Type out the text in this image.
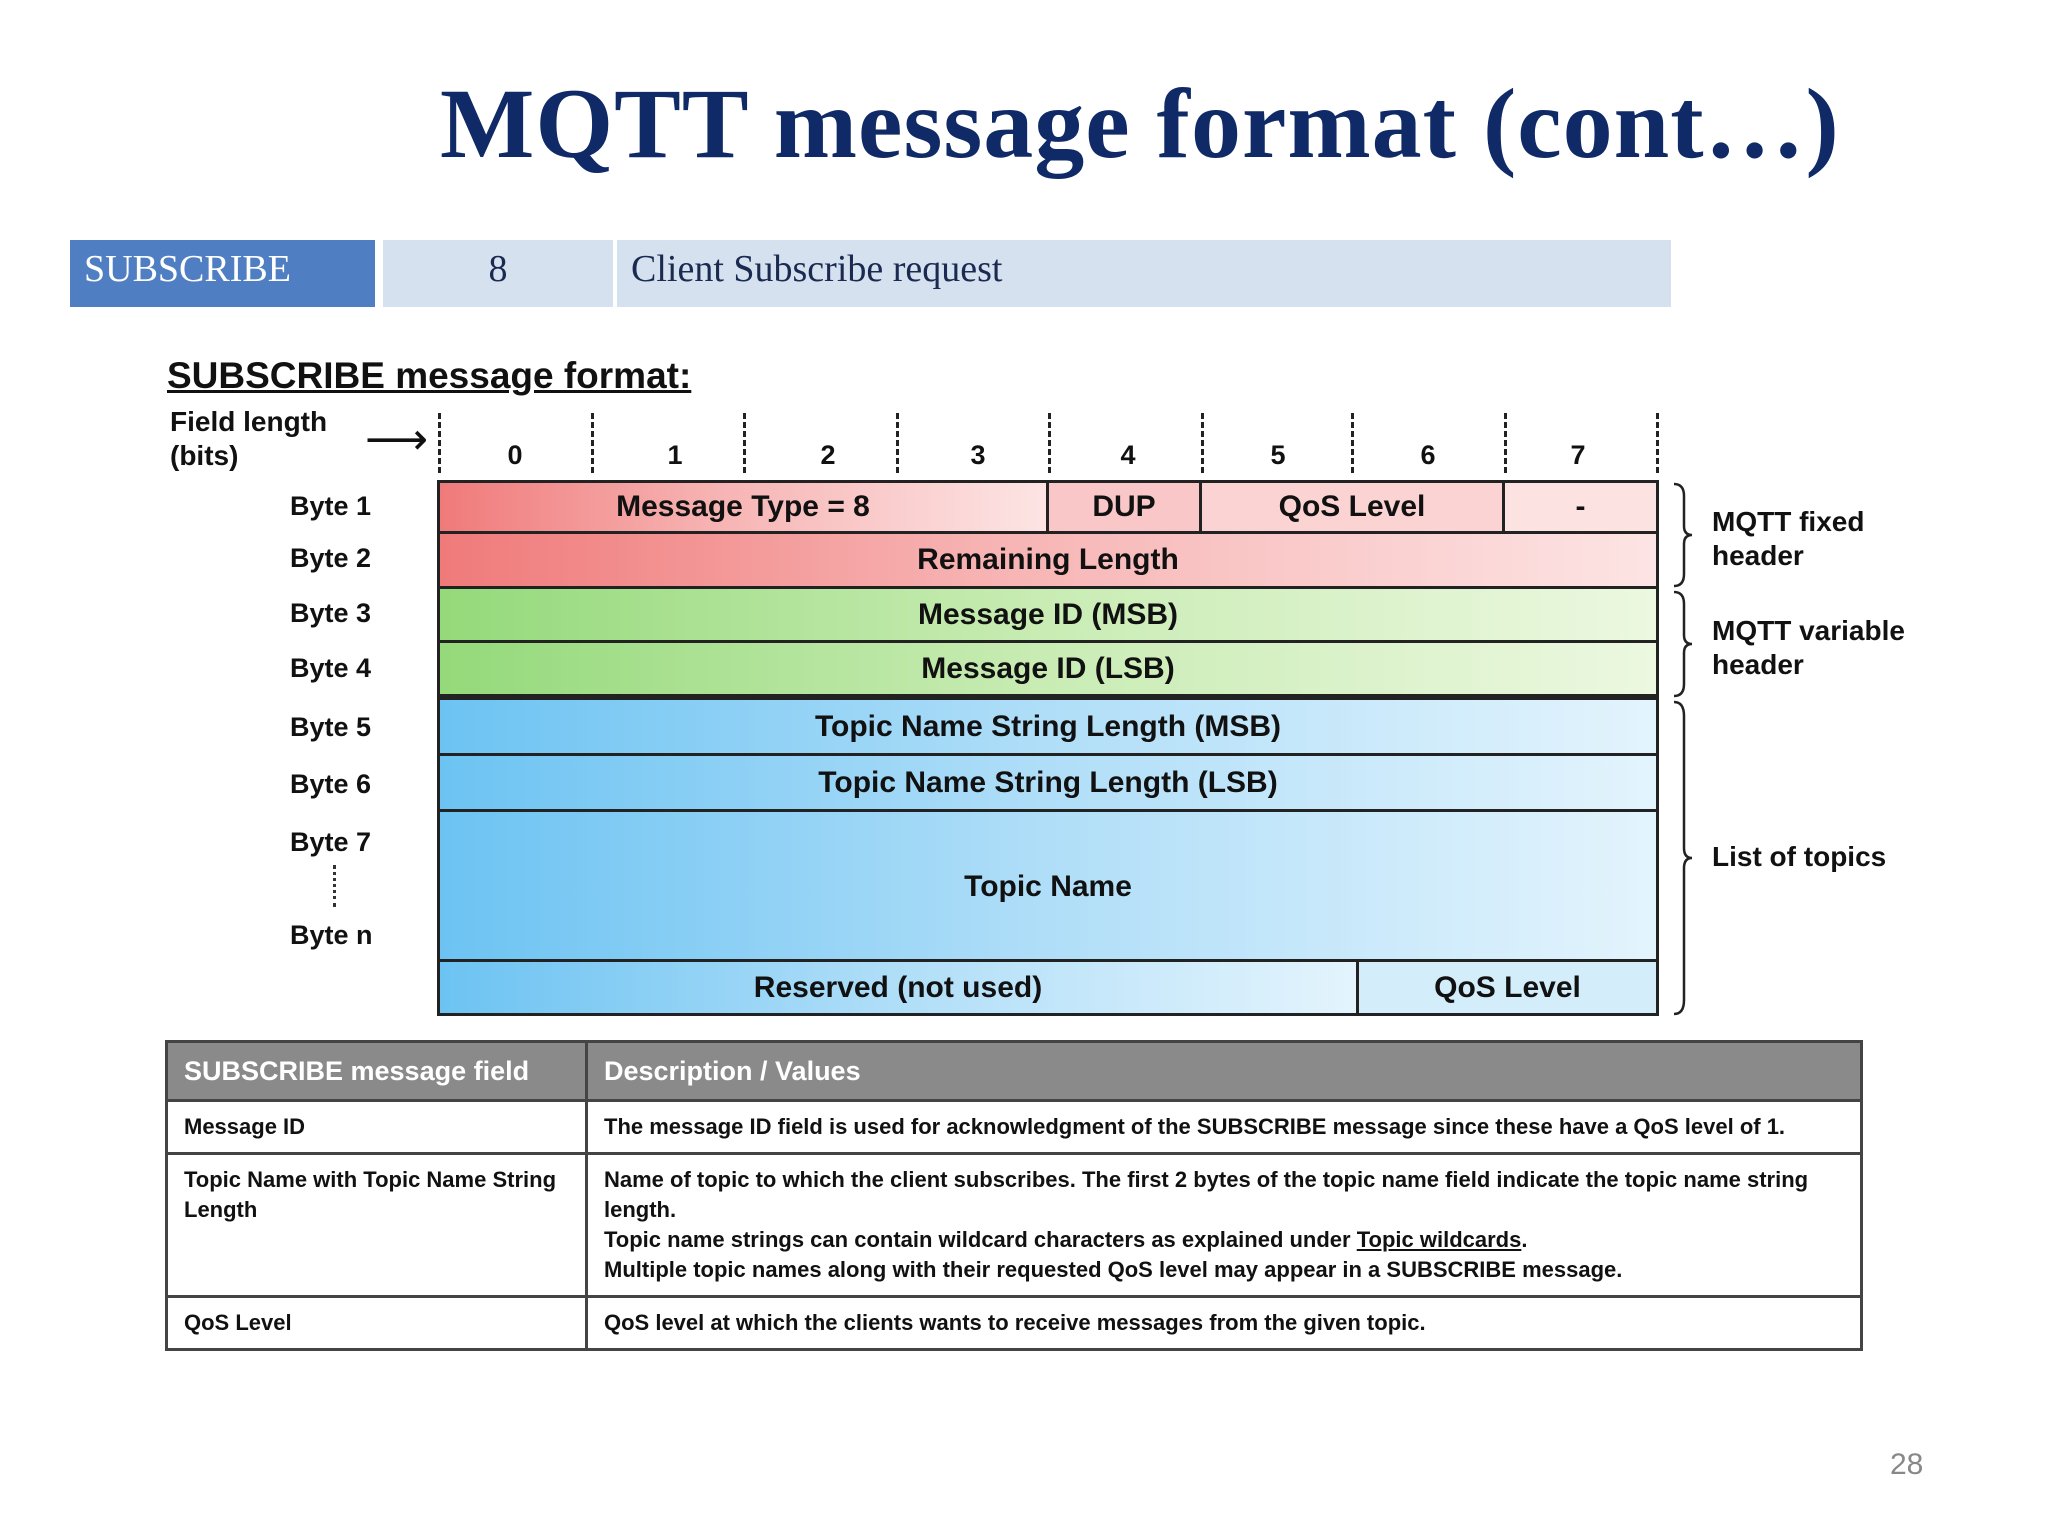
MQTT message format (cont…)
SUBSCRIBE	8	Client Subscribe request
SUBSCRIBE message format:
Field length
(bits)	⟶	0	1	2	3	4	5	6	7
Byte 1
Byte 2
Byte 3
Byte 4
Byte 5
Byte 6
Byte 7
Byte n
Message Type = 8	DUP	QoS Level	-
Remaining Length
Message ID (MSB)
Message ID (LSB)
Topic Name String Length (MSB)
Topic Name String Length (LSB)
Topic Name
Reserved (not used)	QoS Level
MQTT fixed
header
MQTT variable
header
List of topics
SUBSCRIBE message field	Description / Values
Message ID	The message ID field is used for acknowledgment of the SUBSCRIBE message since these have a QoS level of 1.
Topic Name with Topic Name String Length	Name of topic to which the client subscribes. The first 2 bytes of the topic name field indicate the topic name string length.
Topic name strings can contain wildcard characters as explained under Topic wildcards.
Multiple topic names along with their requested QoS level may appear in a SUBSCRIBE message.

QoS Level	QoS level at which the clients wants to receive messages from the given topic.
28
